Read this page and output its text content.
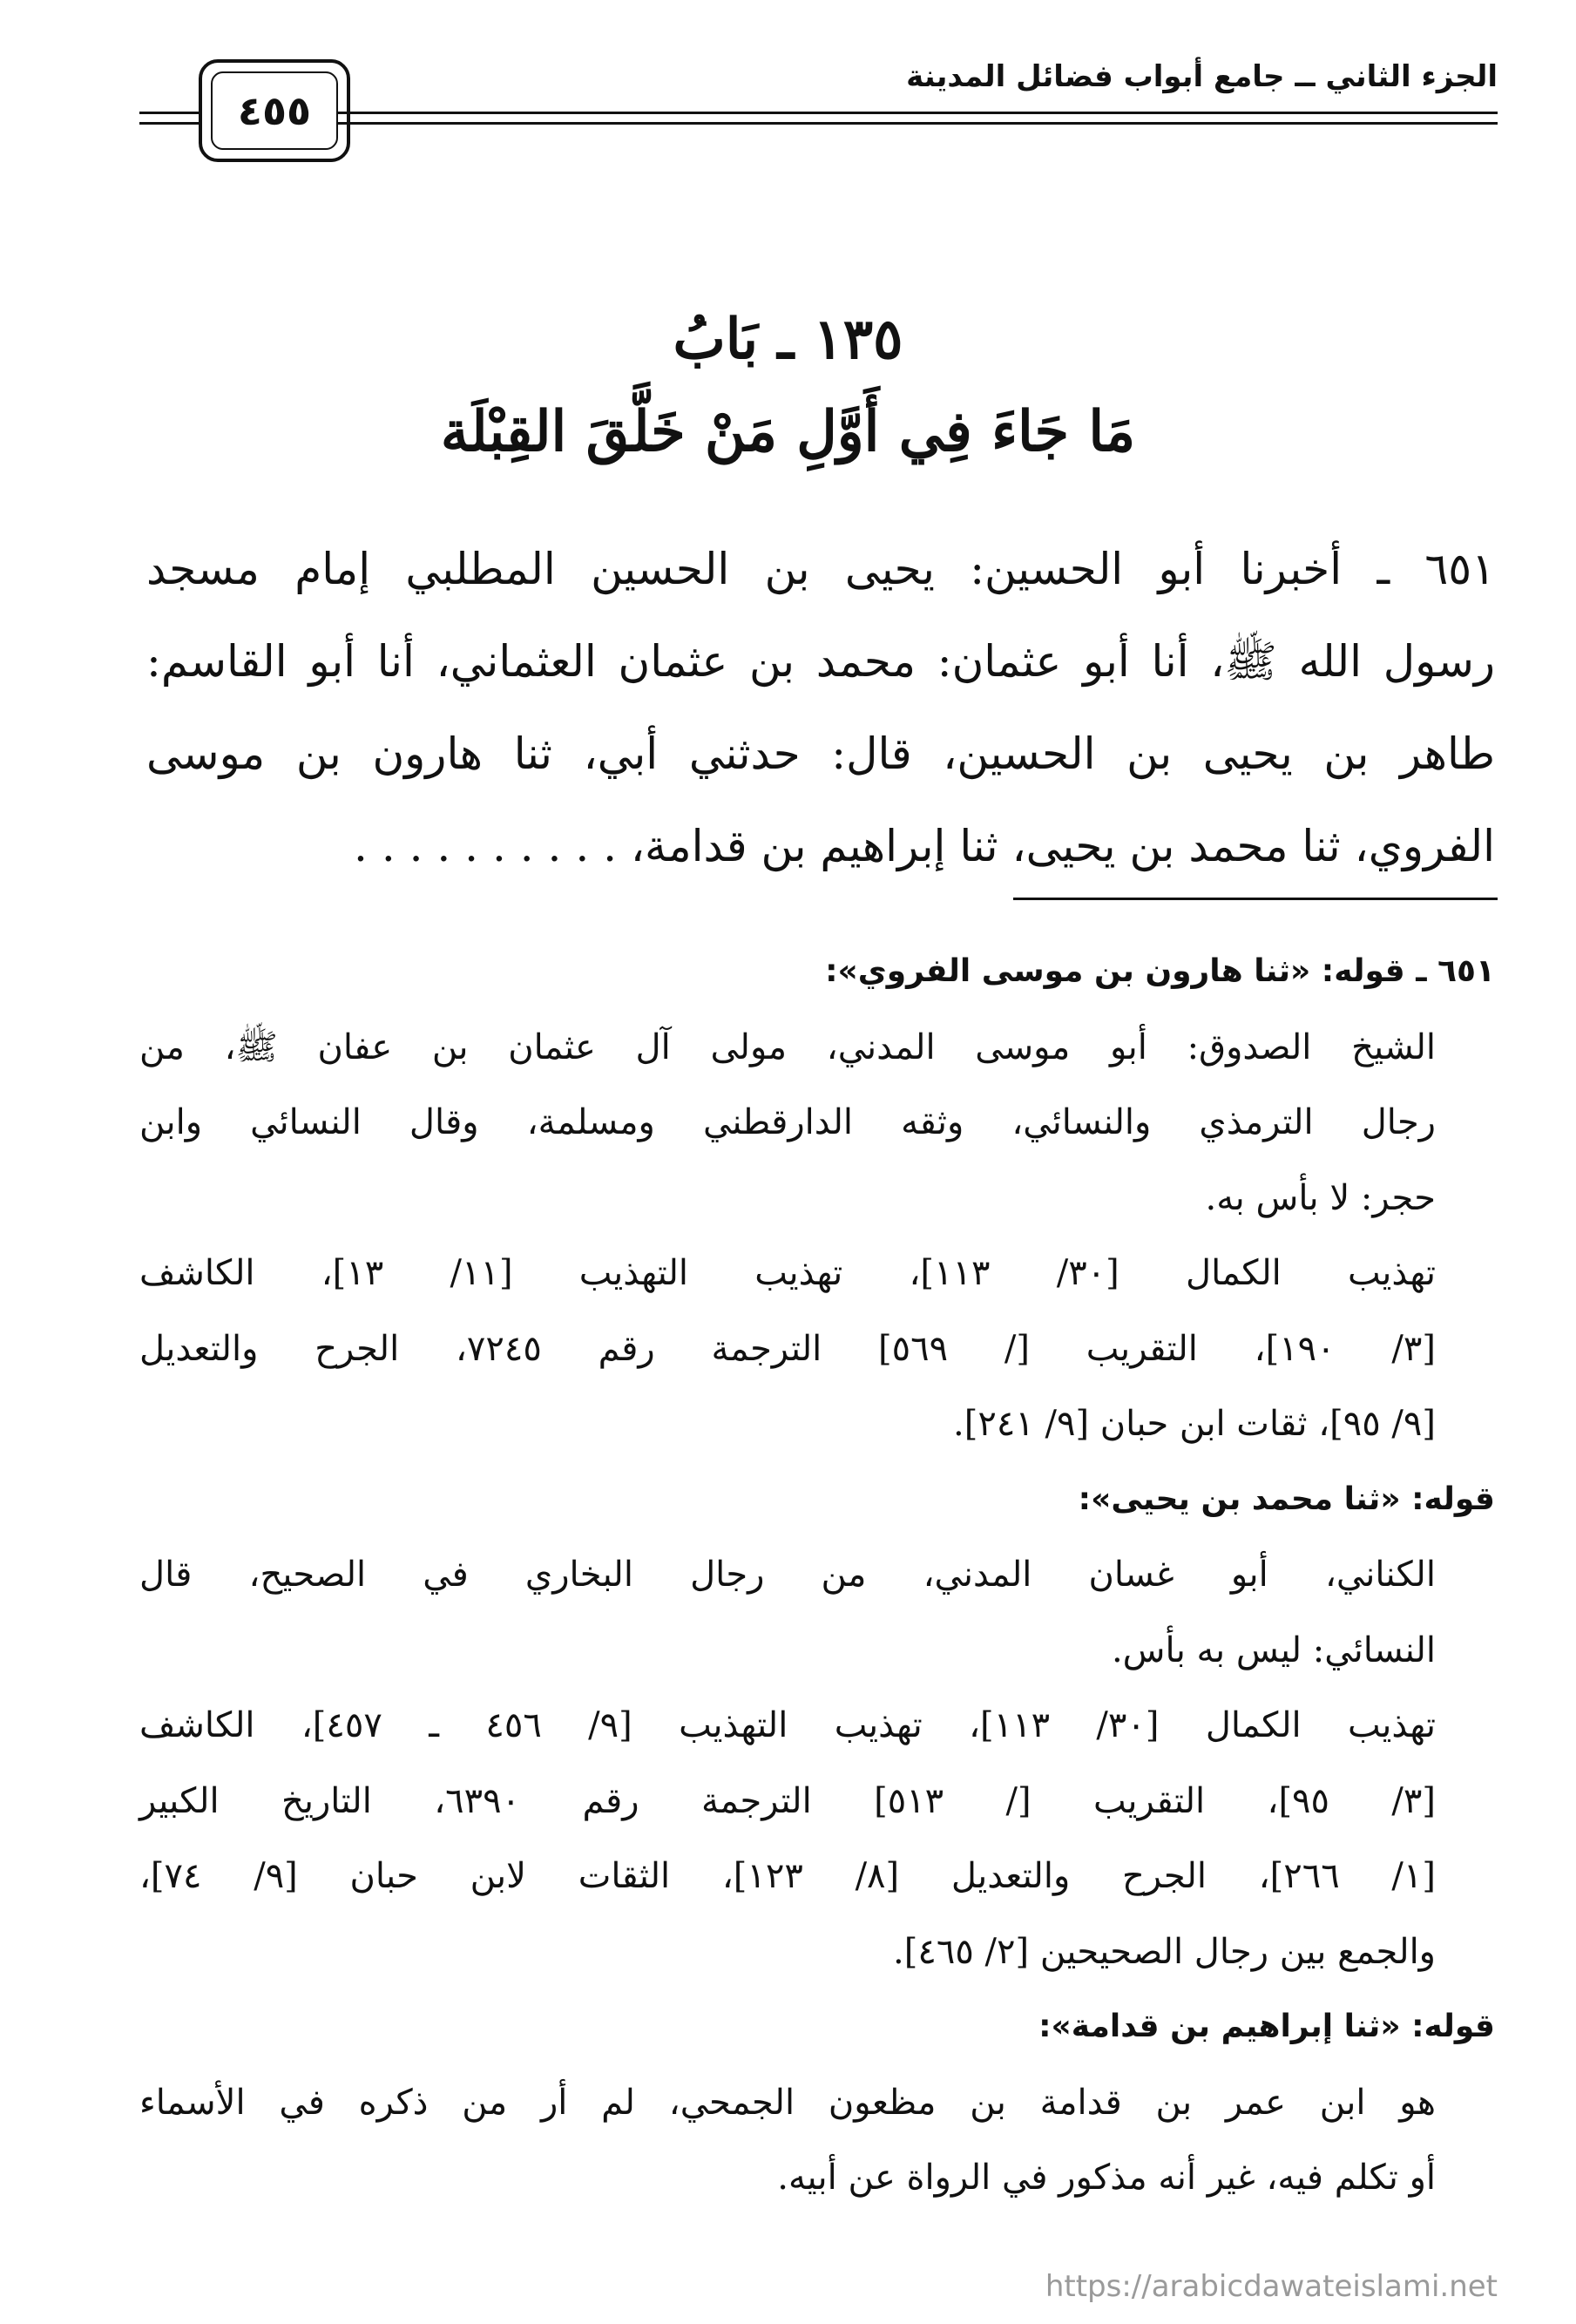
الجزء الثاني ــ جامع أبواب فضائل المدينة
٤٥٥
١٣٥ ـ بَابُ
مَا جَاءَ فِي أَوَّلِ مَنْ خَلَّقَ القِبْلَة
٦٥١ ـ أخبرنا أبو الحسين: يحيى بن الحسين المطلبي إمام مسجد
رسول الله ﷺ، أنا أبو عثمان: محمد بن عثمان العثماني، أنا أبو القاسم:
طاهر بن يحيى بن الحسين، قال: حدثني أبي، ثنا هارون بن موسى
الفروي، ثنا محمد بن يحيى، ثنا إبراهيم بن قدامة، . . . . . . . . . .
٦٥١ ـ قوله: «ثنا هارون بن موسى الفروي»:
الشيخ الصدوق: أبو موسى المدني، مولى آل عثمان بن عفان ﷺ، من
رجال الترمذي والنسائي، وثقه الدارقطني ومسلمة، وقال النسائي وابن
حجر: لا بأس به.
تهذيب الكمال [٣٠/ ١١٣]، تهذيب التهذيب [١١/ ١٣]، الكاشف
[٣/ ١٩٠]، التقريب [/ ٥٦٩] الترجمة رقم ٧٢٤٥، الجرح والتعديل
[٩/ ٩٥]، ثقات ابن حبان [٩/ ٢٤١].
قوله: «ثنا محمد بن يحيى»:
الكناني، أبو غسان المدني، من رجال البخاري في الصحيح، قال
النسائي: ليس به بأس.
تهذيب الكمال [٣٠/ ١١٣]، تهذيب التهذيب [٩/ ٤٥٦ ـ ٤٥٧]، الكاشف
[٣/ ٩٥]، التقريب [/ ٥١٣] الترجمة رقم ٦٣٩٠، التاريخ الكبير
[١/ ٢٦٦]، الجرح والتعديل [٨/ ١٢٣]، الثقات لابن حبان [٩/ ٧٤]،
والجمع بين رجال الصحيحين [٢/ ٤٦٥].
قوله: «ثنا إبراهيم بن قدامة»:
هو ابن عمر بن قدامة بن مظعون الجمحي، لم أر من ذكره في الأسماء
أو تكلم فيه، غير أنه مذكور في الرواة عن أبيه.
https://arabicdawateislami.net
